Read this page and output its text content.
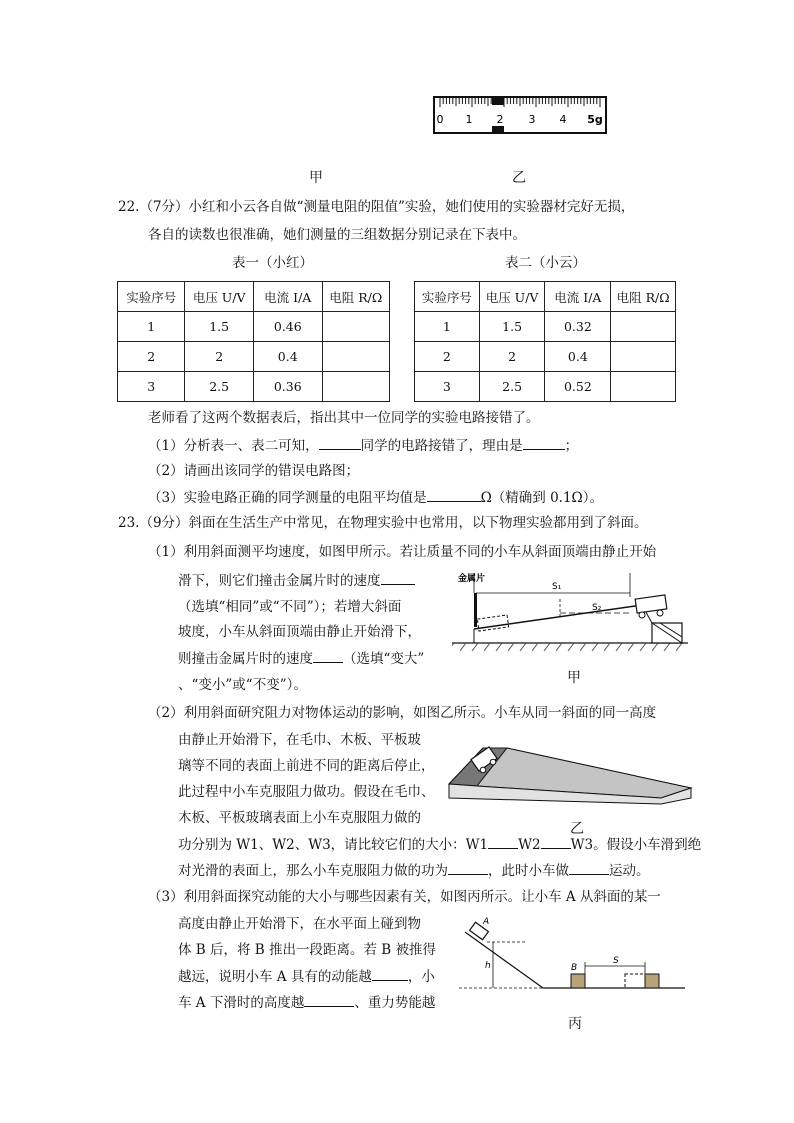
0 1 2 3 4 5g
甲	乙
22.（7分）小红和小云各自做“测量电阻的阻值”实验，她们使用的实验器材完好无损，
各自的读数也很准确，她们测量的三组数据分别记录在下表中。
表一（小红）	表二（小云）
实验序号	电压 U/V	电流 I/A	电阻 R/Ω
1	1.5	0.46	
2	2	0.4	
3	2.5	0.36	
实验序号	电压 U/V	电流 I/A	电阻 R/Ω
1	1.5	0.32	
2	2	0.4	
3	2.5	0.52	
老师看了这两个数据表后，指出其中一位同学的实验电路接错了。
（1）分析表一、表二可知，	同学的电路接错了，理由是	；
（2）请画出该同学的错误电路图；
（3）实验电路正确的同学测量的电阻平均值是	Ω（精确到 0.1Ω）。
23.（9分）斜面在生活生产中常见，在物理实验中也常用，以下物理实验都用到了斜面。
（1）利用斜面测平均速度，如图甲所示。若让质量不同的小车从斜面顶端由静止开始
滑下，则它们撞击金属片时的速度
（选填“相同”或“不同”）；若增大斜面
坡度，小车从斜面顶端由静止开始滑下，
则撞击金属片时的速度 （选填“变大”
、“变小”或“不变”）。
金属片
S₁
S₂
甲
（2）利用斜面研究阻力对物体运动的影响，如图乙所示。小车从同一斜面的同一高度
由静止开始滑下，在毛巾、木板、平板玻
璃等不同的表面上前进不同的距离后停止，
此过程中小车克服阻力做功。假设在毛巾、
木板、平板玻璃表面上小车克服阻力做的
功分别为 W1、W2、W3，请比较它们的大小：W1 W2 W3。假设小车滑到绝
对光滑的表面上，那么小车克服阻力做的功为	，此时小车做	运动。
乙
（3）利用斜面探究动能的大小与哪些因素有关，如图丙所示。让小车 A 从斜面的某一
高度由静止开始滑下，在水平面上碰到物
体 B 后，将 B 推出一段距离。若 B 被推得
越远，说明小车 A 具有的动能越	，小
车 A 下滑时的高度越	、重力势能越
h
A
B
S
丙
